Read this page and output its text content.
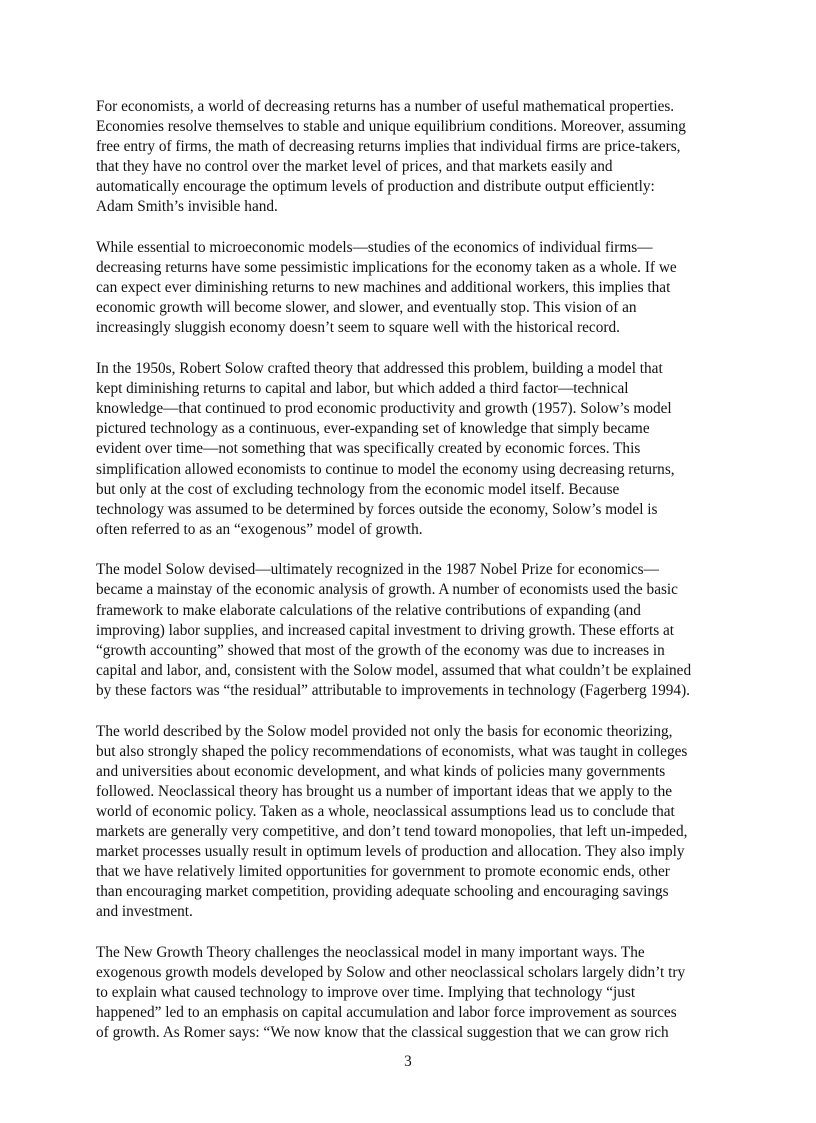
For economists, a world of decreasing returns has a number of useful mathematical properties.
Economies resolve themselves to stable and unique equilibrium conditions. Moreover, assuming
free entry of firms, the math of decreasing returns implies that individual firms are price-takers,
that they have no control over the market level of prices, and that markets easily and
automatically encourage the optimum levels of production and distribute output efficiently:
Adam Smith’s invisible hand.

While essential to microeconomic models—studies of the economics of individual firms—
decreasing returns have some pessimistic implications for the economy taken as a whole. If we
can expect ever diminishing returns to new machines and additional workers, this implies that
economic growth will become slower, and slower, and eventually stop. This vision of an
increasingly sluggish economy doesn’t seem to square well with the historical record.

In the 1950s, Robert Solow crafted theory that addressed this problem, building a model that
kept diminishing returns to capital and labor, but which added a third factor—technical
knowledge—that continued to prod economic productivity and growth (1957). Solow’s model
pictured technology as a continuous, ever-expanding set of knowledge that simply became
evident over time—not something that was specifically created by economic forces. This
simplification allowed economists to continue to model the economy using decreasing returns,
but only at the cost of excluding technology from the economic model itself. Because
technology was assumed to be determined by forces outside the economy, Solow’s model is
often referred to as an “exogenous” model of growth.

The model Solow devised—ultimately recognized in the 1987 Nobel Prize for economics—
became a mainstay of the economic analysis of growth. A number of economists used the basic
framework to make elaborate calculations of the relative contributions of expanding (and
improving) labor supplies, and increased capital investment to driving growth. These efforts at
“growth accounting” showed that most of the growth of the economy was due to increases in
capital and labor, and, consistent with the Solow model, assumed that what couldn’t be explained
by these factors was “the residual” attributable to improvements in technology (Fagerberg 1994).

The world described by the Solow model provided not only the basis for economic theorizing,
but also strongly shaped the policy recommendations of economists, what was taught in colleges
and universities about economic development, and what kinds of policies many governments
followed. Neoclassical theory has brought us a number of important ideas that we apply to the
world of economic policy. Taken as a whole, neoclassical assumptions lead us to conclude that
markets are generally very competitive, and don’t tend toward monopolies, that left un-impeded,
market processes usually result in optimum levels of production and allocation. They also imply
that we have relatively limited opportunities for government to promote economic ends, other
than encouraging market competition, providing adequate schooling and encouraging savings
and investment.

The New Growth Theory challenges the neoclassical model in many important ways. The
exogenous growth models developed by Solow and other neoclassical scholars largely didn’t try
to explain what caused technology to improve over time. Implying that technology “just
happened” led to an emphasis on capital accumulation and labor force improvement as sources
of growth. As Romer says: “We now know that the classical suggestion that we can grow rich

3
